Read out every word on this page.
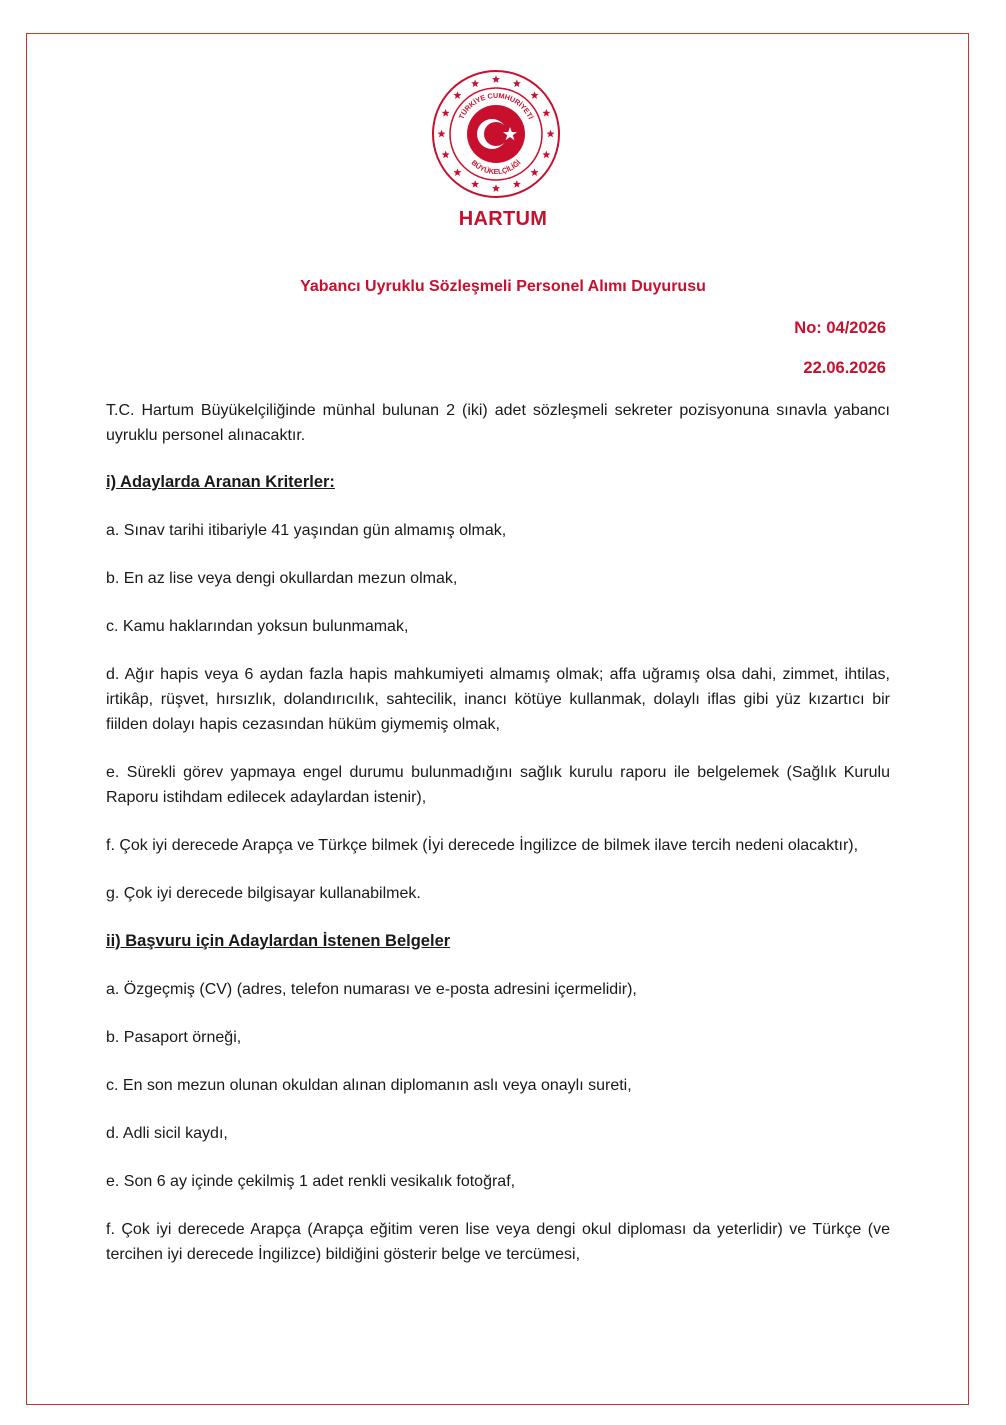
TÜRKİYE CUMHURİYETİ
BÜYÜKELÇİLİĞİ
HARTUM
Yabancı Uyruklu Sözleşmeli Personel Alımı Duyurusu
No: 04/2026
22.06.2026

T.C. Hartum Büyükelçiliğinde münhal bulunan 2 (iki) adet sözleşmeli sekreter pozisyonuna sınavla yabancı uyruklu personel alınacaktır.

i) Adaylarda Aranan Kriterler:

a. Sınav tarihi itibariyle 41 yaşından gün almamış olmak,

b. En az lise veya dengi okullardan mezun olmak,

c. Kamu haklarından yoksun bulunmamak,

d. Ağır hapis veya 6 aydan fazla hapis mahkumiyeti almamış olmak; affa uğramış olsa dahi, zimmet, ihtilas, irtikâp, rüşvet, hırsızlık, dolandırıcılık, sahtecilik, inancı kötüye kullanmak, dolaylı iflas gibi yüz kızartıcı bir fiilden dolayı hapis cezasından hüküm giymemiş olmak,

e. Sürekli görev yapmaya engel durumu bulunmadığını sağlık kurulu raporu ile belgelemek (Sağlık Kurulu Raporu istihdam edilecek adaylardan istenir),

f. Çok iyi derecede Arapça ve Türkçe bilmek (İyi derecede İngilizce de bilmek ilave tercih nedeni olacaktır),

g. Çok iyi derecede bilgisayar kullanabilmek.

ii) Başvuru için Adaylardan İstenen Belgeler

a. Özgeçmiş (CV) (adres, telefon numarası ve e-posta adresini içermelidir),

b. Pasaport örneği,

c. En son mezun olunan okuldan alınan diplomanın aslı veya onaylı sureti,

d. Adli sicil kaydı,

e. Son 6 ay içinde çekilmiş 1 adet renkli vesikalık fotoğraf,

f. Çok iyi derecede Arapça (Arapça eğitim veren lise veya dengi okul diploması da yeterlidir) ve Türkçe (ve tercihen iyi derecede İngilizce) bildiğini gösterir belge ve tercümesi,
